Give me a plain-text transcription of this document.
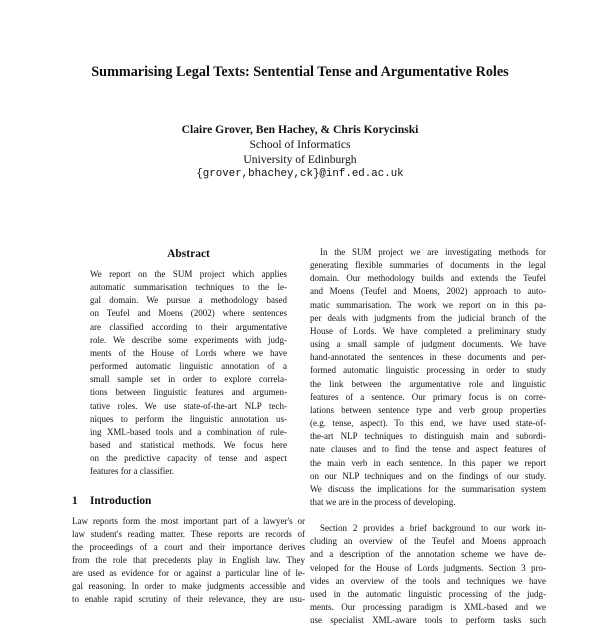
Summarising Legal Texts: Sentential Tense and Argumentative Roles
Claire Grover, Ben Hachey, & Chris Korycinski
School of Informatics
University of Edinburgh
{grover,bhachey,ck}@inf.ed.ac.uk
Abstract
We report on the SUM project which applies
automatic summarisation techniques to the le-
gal domain. We pursue a methodology based
on Teufel and Moens (2002) where sentences
are classified according to their argumentative
role. We describe some experiments with judg-
ments of the House of Lords where we have
performed automatic linguistic annotation of a
small sample set in order to explore correla-
tions between linguistic features and argumen-
tative roles. We use state-of-the-art NLP tech-
niques to perform the linguistic annotation us-
ing XML-based tools and a combination of rule-
based and statistical methods. We focus here
on the predictive capacity of tense and aspect
features for a classifier.
1 Introduction
Law reports form the most important part of a lawyer's or
law student's reading matter. These reports are records of
the proceedings of a court and their importance derives
from the role that precedents play in English law. They
are used as evidence for or against a particular line of le-
gal reasoning. In order to make judgments accessible and
to enable rapid scrutiny of their relevance, they are usu-
In the SUM project we are investigating methods for
generating flexible summaries of documents in the legal
domain. Our methodology builds and extends the Teufel
and Moens (Teufel and Moens, 2002) approach to auto-
matic summarisation. The work we report on in this pa-
per deals with judgments from the judicial branch of the
House of Lords. We have completed a preliminary study
using a small sample of judgment documents. We have
hand-annotated the sentences in these documents and per-
formed automatic linguistic processing in order to study
the link between the argumentative role and linguistic
features of a sentence. Our primary focus is on corre-
lations between sentence type and verb group properties
(e.g. tense, aspect). To this end, we have used state-of-
the-art NLP techniques to distinguish main and subordi-
nate clauses and to find the tense and aspect features of
the main verb in each sentence. In this paper we report
on our NLP techniques and on the findings of our study.
We discuss the implications for the summarisation system
that we are in the process of developing.
Section 2 provides a brief background to our work in-
cluding an overview of the Teufel and Moens approach
and a description of the annotation scheme we have de-
veloped for the House of Lords judgments. Section 3 pro-
vides an overview of the tools and techniques we have
used in the automatic linguistic processing of the judg-
ments. Our processing paradigm is XML-based and we
use specialist XML-aware tools to perform tasks such
